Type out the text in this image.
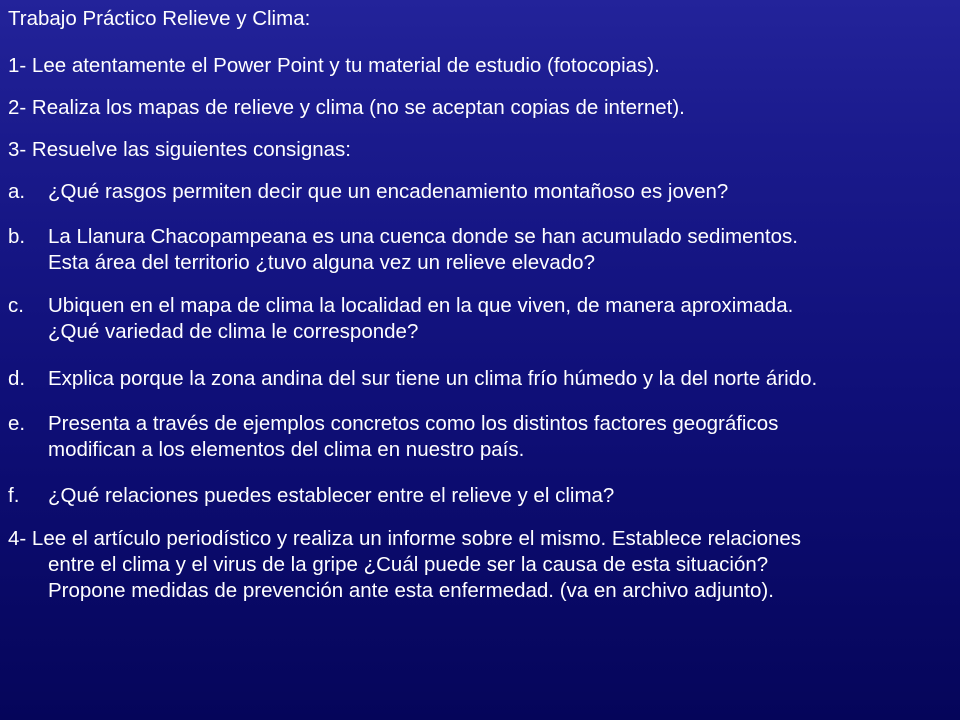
Trabajo Práctico Relieve y Clima:
1- Lee atentamente el Power Point y tu material de estudio (fotocopias).
2- Realiza los mapas de relieve y clima (no se aceptan copias de internet).
3- Resuelve las siguientes consignas:
a.	¿Qué rasgos permiten decir que un encadenamiento montañoso es joven?
b.	La Llanura Chacopampeana es una cuenca donde se han acumulado sedimentos.
Esta área del territorio ¿tuvo alguna vez un relieve elevado?
c.	Ubiquen en el mapa de clima la localidad en la que viven, de manera aproximada.
¿Qué variedad de clima le corresponde?
d.	Explica porque la zona andina del sur tiene un clima frío húmedo y la del norte árido.
e.	Presenta a través de ejemplos concretos como los distintos factores geográficos
modifican a los elementos del clima en nuestro país.
f.	¿Qué relaciones puedes establecer entre el relieve y el clima?
4- Lee el artículo periodístico y realiza un informe sobre el mismo. Establece relaciones
entre el clima y el virus de la gripe ¿Cuál puede ser la causa de esta situación?
Propone medidas de prevención ante esta enfermedad. (va en archivo adjunto).
